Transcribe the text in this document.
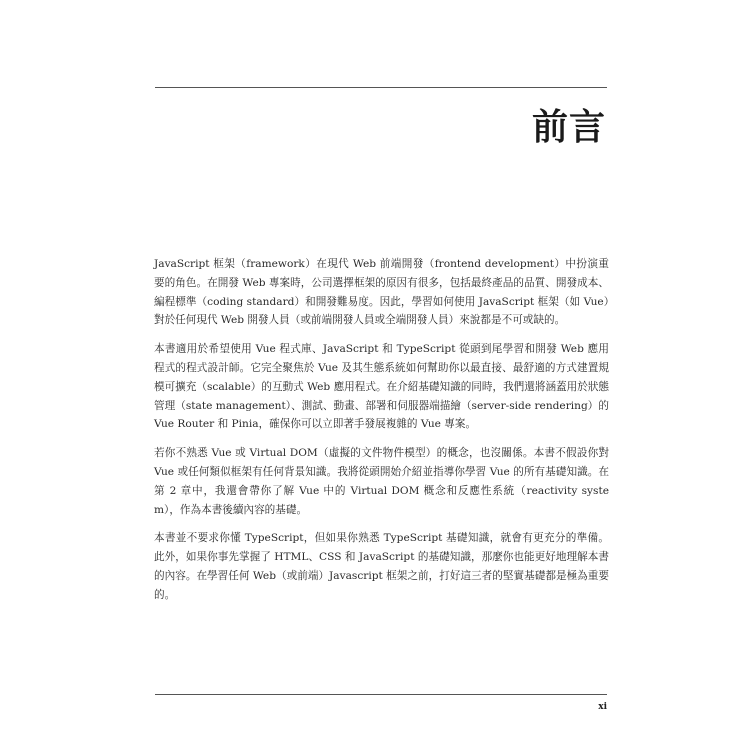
前言

JavaScript 框架（framework）在現代 Web 前端開發（frontend development）中扮演重要的角色。在開發 Web 專案時，公司選擇框架的原因有很多，包括最終產品的品質、開發成本、編程標準（coding standard）和開發難易度。因此，學習如何使用 JavaScript 框架（如 Vue）對於任何現代 Web 開發人員（或前端開發人員或全端開發人員）來說都是不可或缺的。

本書適用於希望使用 Vue 程式庫、JavaScript 和 TypeScript 從頭到尾學習和開發 Web 應用程式的程式設計師。它完全聚焦於 Vue 及其生態系統如何幫助你以最直接、最舒適的方式建置規模可擴充（scalable）的互動式 Web 應用程式。在介紹基礎知識的同時，我們還將涵蓋用於狀態管理（state management）、測試、動畫、部署和伺服器端描繪（server-side rendering）的 Vue Router 和 Pinia，確保你可以立即著手發展複雜的 Vue 專案。

若你不熟悉 Vue 或 Virtual DOM（虛擬的文件物件模型）的概念，也沒關係。本書不假設你對 Vue 或任何類似框架有任何背景知識。我將從頭開始介紹並指導你學習 Vue 的所有基礎知識。在第 2 章中，我還會帶你了解 Vue 中的 Virtual DOM 概念和反應性系統（reactivity system），作為本書後續內容的基礎。

本書並不要求你懂 TypeScript，但如果你熟悉 TypeScript 基礎知識，就會有更充分的準備。此外，如果你事先掌握了 HTML、CSS 和 JavaScript 的基礎知識，那麼你也能更好地理解本書的內容。在學習任何 Web（或前端）Javascript 框架之前，打好這三者的堅實基礎都是極為重要的。

xi
